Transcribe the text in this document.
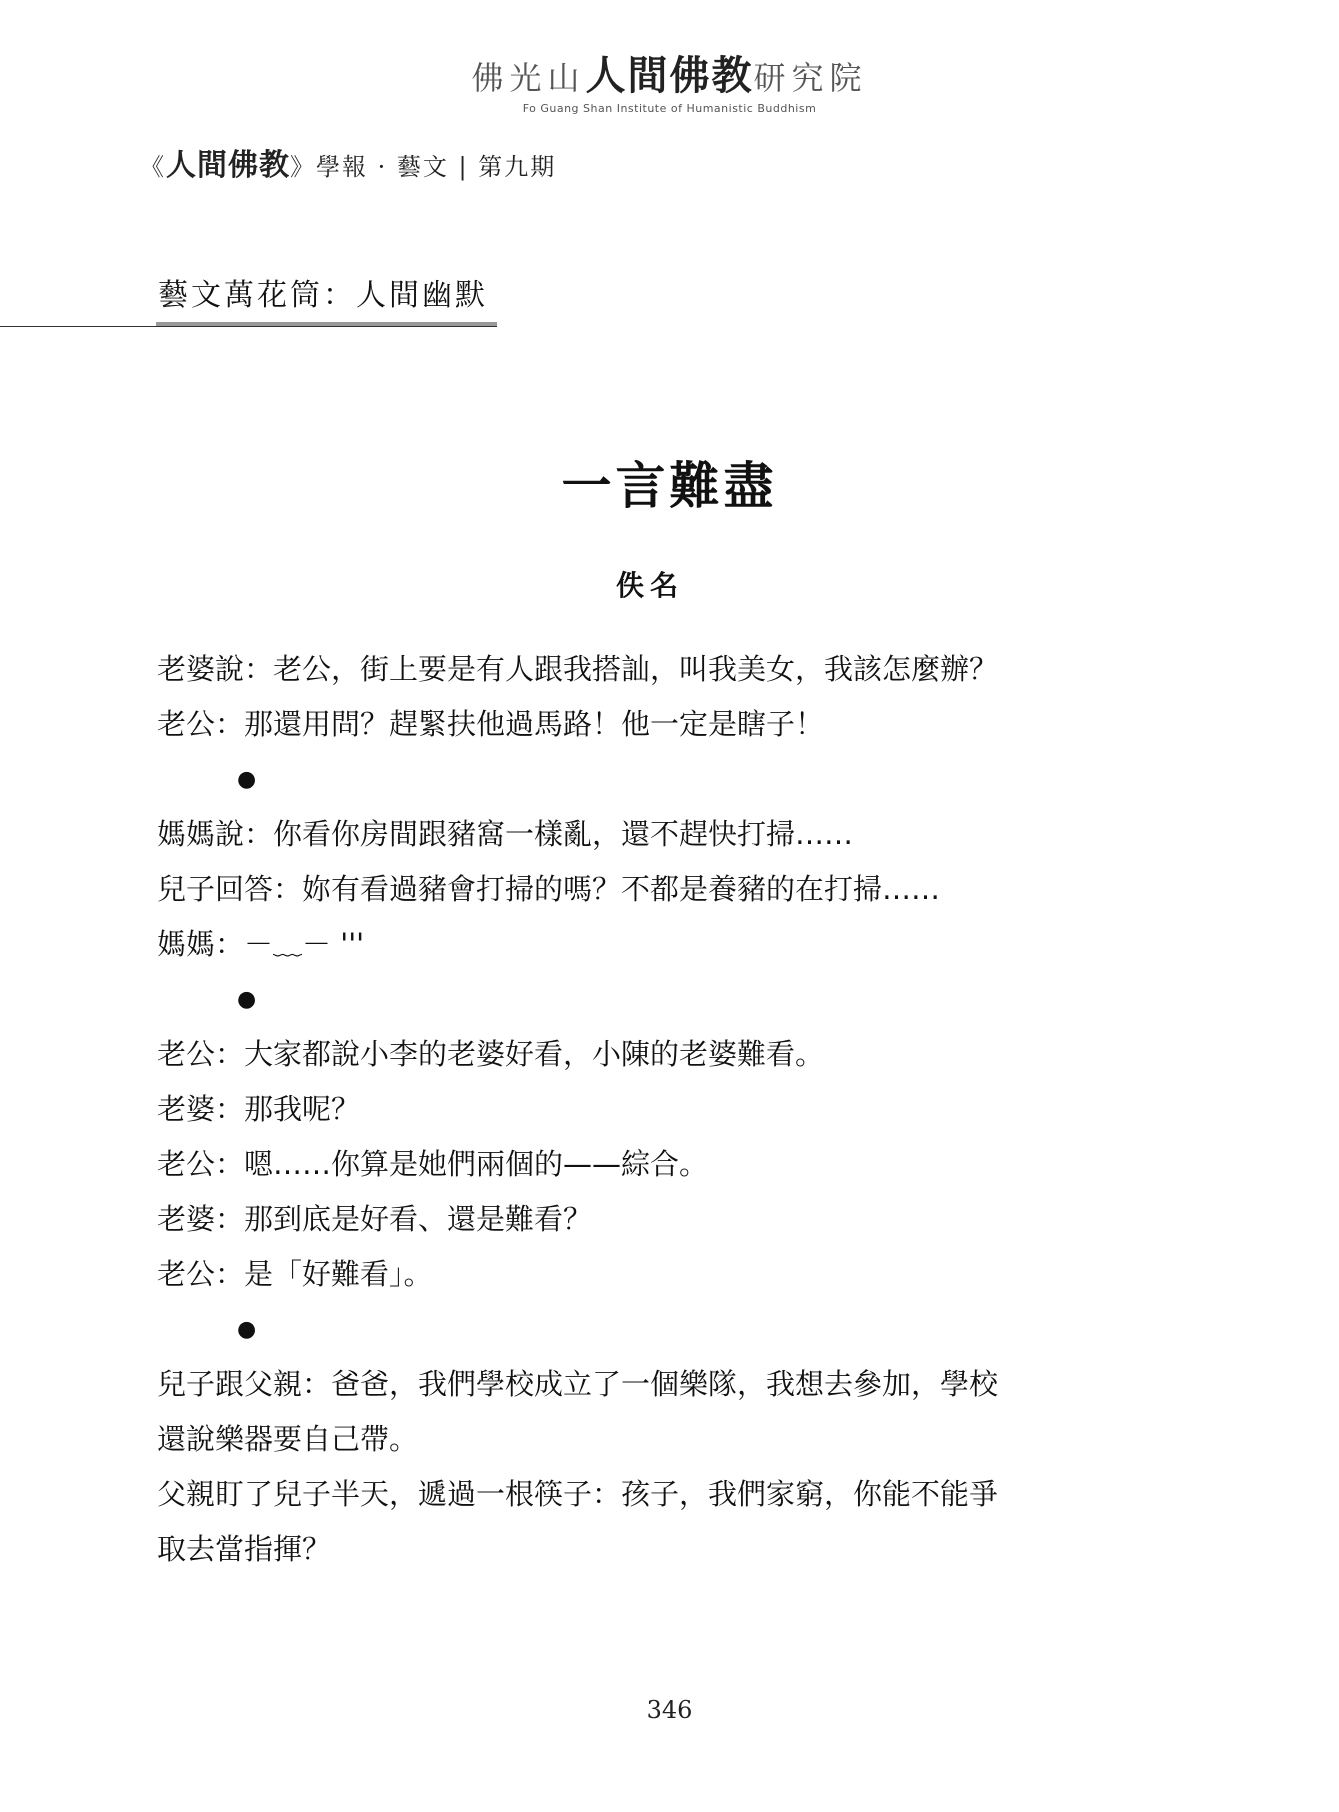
佛光山人間佛教研究院
Fo Guang Shan Institute of Humanistic Buddhism
《人間佛教》學報 · 藝文 | 第九期
藝文萬花筒：人間幽默
一言難盡
佚名

老婆說：老公，街上要是有人跟我搭訕，叫我美女，我該怎麼辦？

老公：那還用問？趕緊扶他過馬路！他一定是瞎子！

●

媽媽說：你看你房間跟豬窩一樣亂，還不趕快打掃……

兒子回答：妳有看過豬會打掃的嗎？不都是養豬的在打掃……

媽媽：－﹏－ '''

●

老公：大家都說小李的老婆好看，小陳的老婆難看。

老婆：那我呢？

老公：嗯……你算是她們兩個的——綜合。

老婆：那到底是好看、還是難看？

老公：是「好難看」。

●

兒子跟父親：爸爸，我們學校成立了一個樂隊，我想去參加，學校

還說樂器要自己帶。

父親盯了兒子半天，遞過一根筷子：孩子，我們家窮，你能不能爭

取去當指揮？

346
